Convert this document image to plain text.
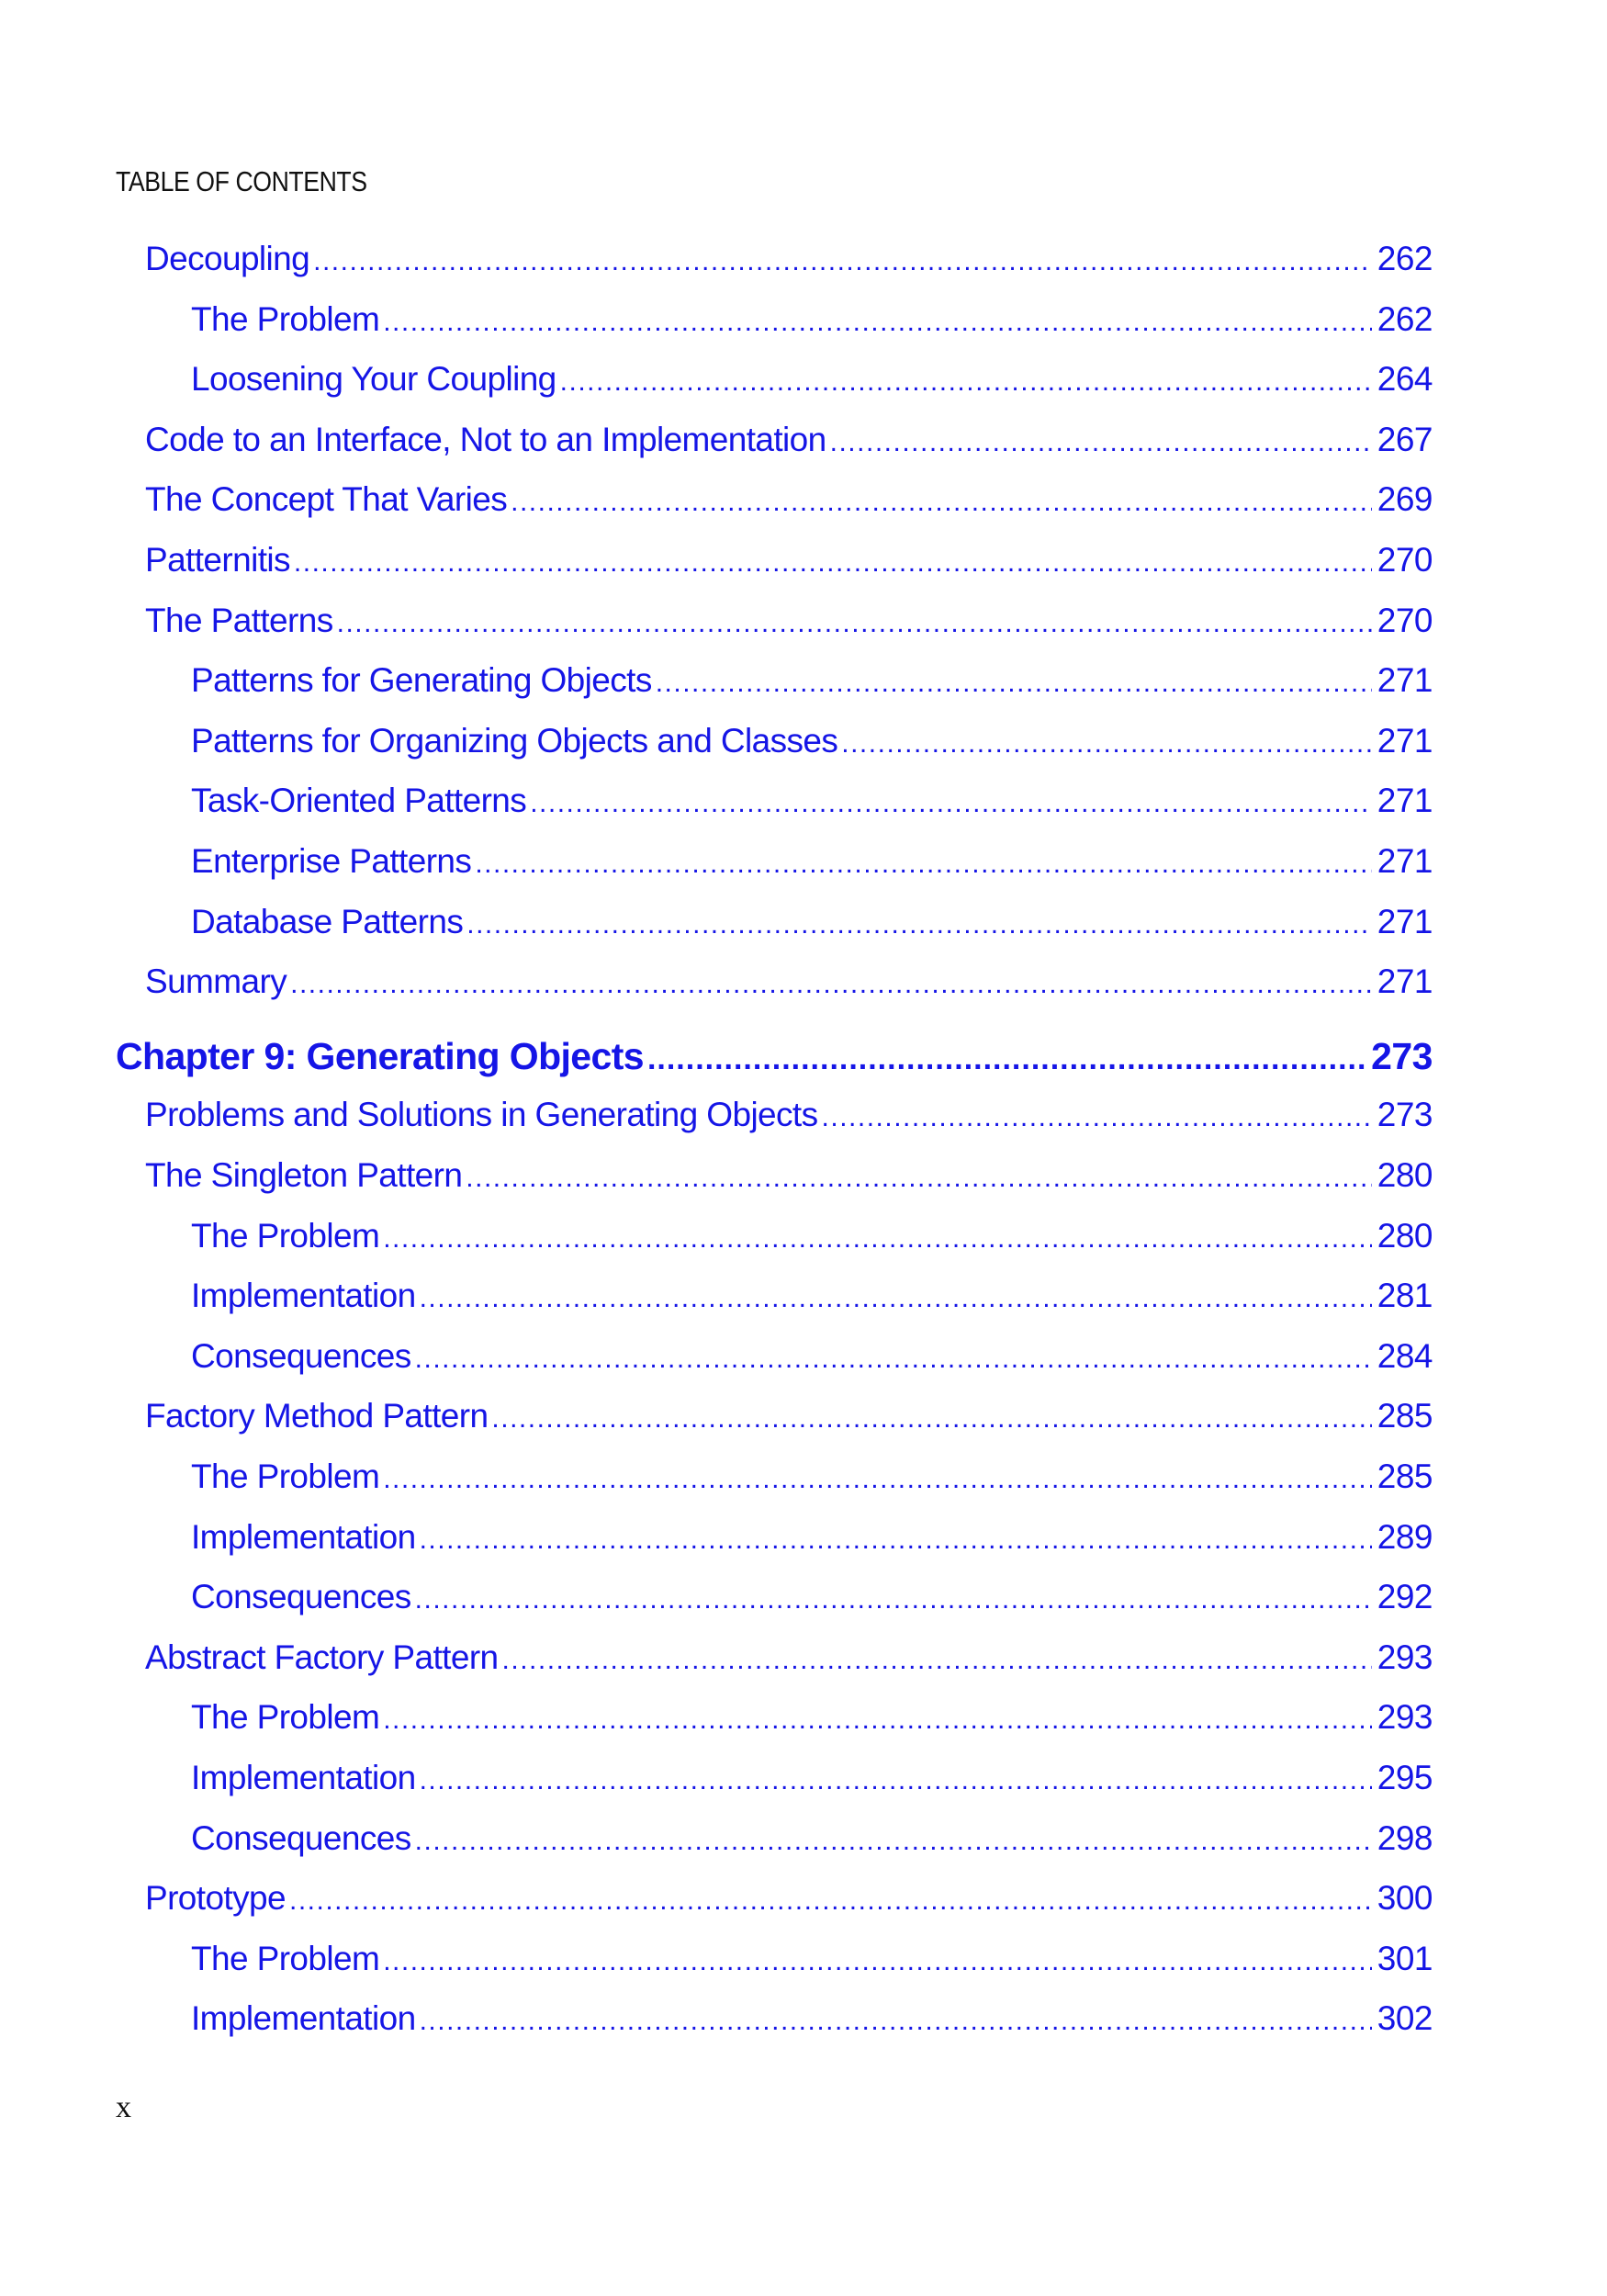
TABLE OF CONTENTS
Decoupling .....	262
The Problem .....	262
Loosening Your Coupling .....	264
Code to an Interface, Not to an Implementation .....	267
The Concept That Varies .....	269
Patternitis .....	270
The Patterns .....	270
Patterns for Generating Objects .....	271
Patterns for Organizing Objects and Classes .....	271
Task-Oriented Patterns .....	271
Enterprise Patterns .....	271
Database Patterns .....	271
Summary .....	271
Chapter 9: Generating Objects .....	273
Problems and Solutions in Generating Objects .....	273
The Singleton Pattern .....	280
The Problem .....	280
Implementation .....	281
Consequences .....	284
Factory Method Pattern .....	285
The Problem .....	285
Implementation .....	289
Consequences .....	292
Abstract Factory Pattern .....	293
The Problem .....	293
Implementation .....	295
Consequences .....	298
Prototype .....	300
The Problem .....	301
Implementation .....	302
x
